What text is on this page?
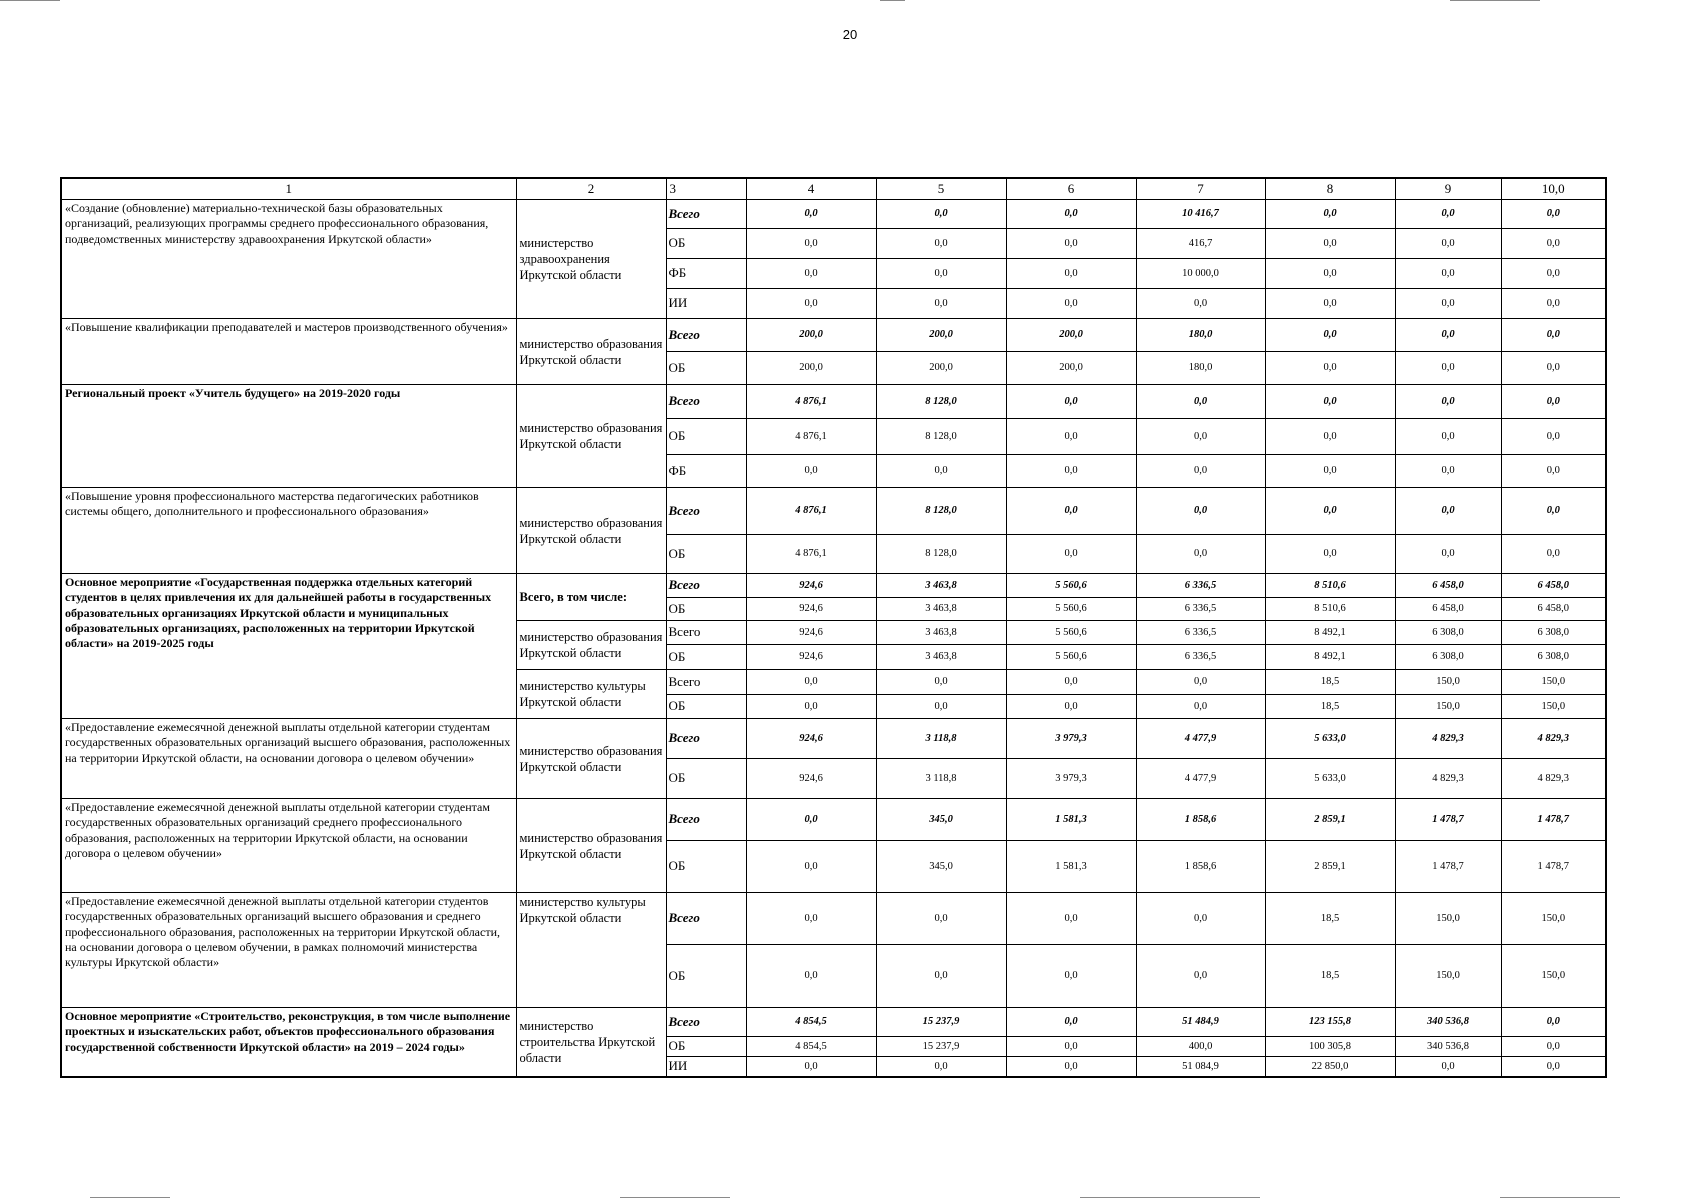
20
1	2	3	4	5	6	7	8	9	10,0
«Создание (обновление) материально-технической базы образовательных организаций, реализующих программы среднего профессионального образования, подведомственных министерству здравоохранения Иркутской области»	министерство здравоохранения Иркутской области	Всего	0,0	0,0	0,0	10 416,7	0,0	0,0	0,0
		ОБ	0,0	0,0	0,0	416,7	0,0	0,0	0,0
		ФБ	0,0	0,0	0,0	10 000,0	0,0	0,0	0,0
		ИИ	0,0	0,0	0,0	0,0	0,0	0,0	0,0
«Повышение квалификации преподавателей и мастеров производственного обучения»	министерство образования Иркутской области	Всего	200,0	200,0	200,0	180,0	0,0	0,0	0,0
		ОБ	200,0	200,0	200,0	180,0	0,0	0,0	0,0
Региональный проект «Учитель будущего» на 2019-2020 годы	министерство образования Иркутской области	Всего	4 876,1	8 128,0	0,0	0,0	0,0	0,0	0,0
		ОБ	4 876,1	8 128,0	0,0	0,0	0,0	0,0	0,0
		ФБ	0,0	0,0	0,0	0,0	0,0	0,0	0,0
«Повышение уровня профессионального мастерства педагогических работников системы общего, дополнительного и профессионального образования»	министерство образования Иркутской области	Всего	4 876,1	8 128,0	0,0	0,0	0,0	0,0	0,0
		ОБ	4 876,1	8 128,0	0,0	0,0	0,0	0,0	0,0
Основное мероприятие «Государственная поддержка отдельных категорий студентов в целях привлечения их для дальнейшей работы в государственных образовательных организациях Иркутской области и муниципальных образовательных организациях, расположенных на территории Иркутской области» на 2019-2025 годы	Всего, в том числе:	Всего	924,6	3 463,8	5 560,6	6 336,5	8 510,6	6 458,0	6 458,0
		ОБ	924,6	3 463,8	5 560,6	6 336,5	8 510,6	6 458,0	6 458,0
	министерство образования Иркутской области	Всего	924,6	3 463,8	5 560,6	6 336,5	8 492,1	6 308,0	6 308,0
		ОБ	924,6	3 463,8	5 560,6	6 336,5	8 492,1	6 308,0	6 308,0
	министерство культуры Иркутской области	Всего	0,0	0,0	0,0	0,0	18,5	150,0	150,0
		ОБ	0,0	0,0	0,0	0,0	18,5	150,0	150,0
«Предоставление ежемесячной денежной выплаты отдельной категории студентам государственных образовательных организаций высшего образования, расположенных на территории Иркутской области, на основании договора о целевом обучении»	министерство образования Иркутской области	Всего	924,6	3 118,8	3 979,3	4 477,9	5 633,0	4 829,3	4 829,3
		ОБ	924,6	3 118,8	3 979,3	4 477,9	5 633,0	4 829,3	4 829,3
«Предоставление ежемесячной денежной выплаты отдельной категории студентам государственных образовательных организаций среднего профессионального образования, расположенных на территории Иркутской области, на основании договора о целевом обучении»	министерство образования Иркутской области	Всего	0,0	345,0	1 581,3	1 858,6	2 859,1	1 478,7	1 478,7
		ОБ	0,0	345,0	1 581,3	1 858,6	2 859,1	1 478,7	1 478,7
«Предоставление ежемесячной денежной выплаты отдельной категории студентов государственных образовательных организаций высшего образования и среднего профессионального образования, расположенных на территории Иркутской области, на основании договора о целевом обучении, в рамках полномочий министерства культуры Иркутской области»	министерство культуры Иркутской области	Всего	0,0	0,0	0,0	0,0	18,5	150,0	150,0
		ОБ	0,0	0,0	0,0	0,0	18,5	150,0	150,0
Основное мероприятие «Строительство, реконструкция, в том числе выполнение проектных и изыскательских работ, объектов профессионального образования государственной собственности Иркутской области» на 2019 – 2024 годы»	министерство строительства Иркутской области	Всего	4 854,5	15 237,9	0,0	51 484,9	123 155,8	340 536,8	0,0
		ОБ	4 854,5	15 237,9	0,0	400,0	100 305,8	340 536,8	0,0
		ИИ	0,0	0,0	0,0	51 084,9	22 850,0	0,0	0,0
